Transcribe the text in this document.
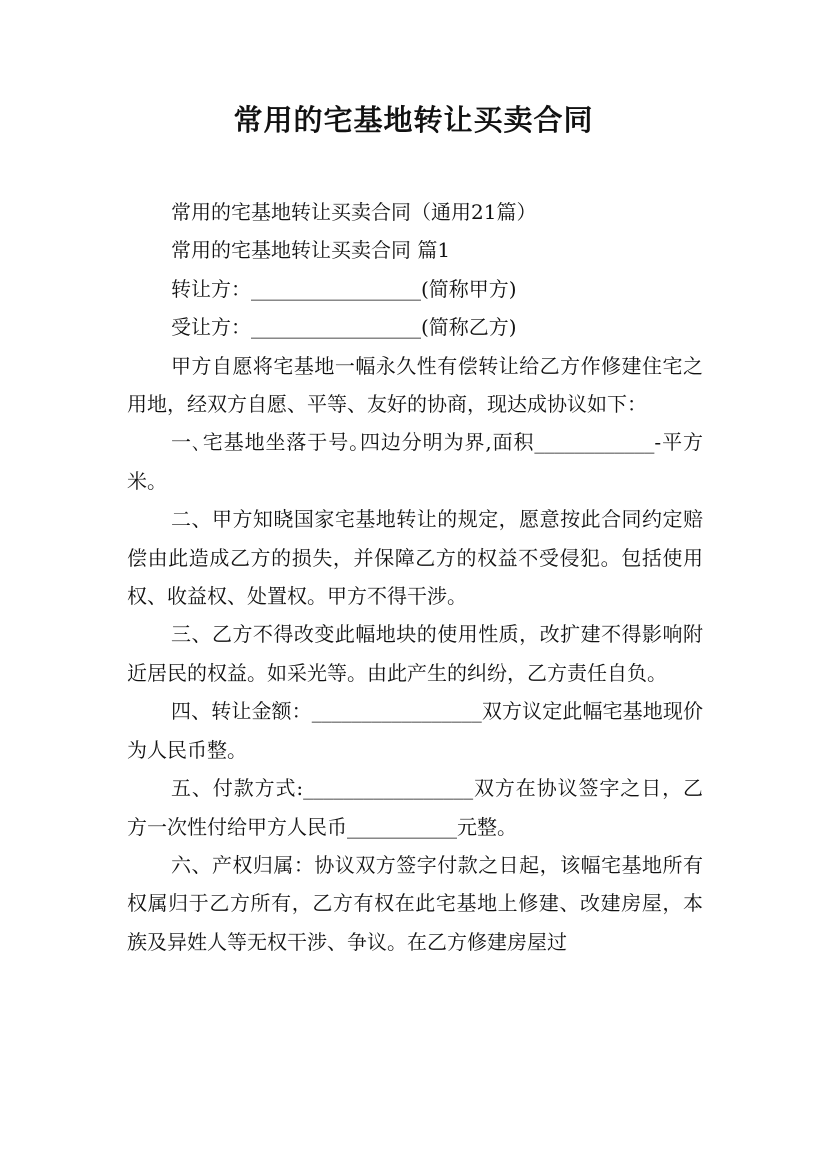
常用的宅基地转让买卖合同

常用的宅基地转让买卖合同（通用21篇）

常用的宅基地转让买卖合同 篇1

转让方：_________________(简称甲方)

受让方：_________________(简称乙方)

甲方自愿将宅基地一幅永久性有偿转让给乙方作修建住宅之用地，经双方自愿、平等、友好的协商，现达成协议如下：

一､宅基地坐落于号｡四边分明为界,面积____________-平方米。

二、甲方知晓国家宅基地转让的规定，愿意按此合同约定赔偿由此造成乙方的损失，并保障乙方的权益不受侵犯。包括使用权、收益权、处置权。甲方不得干涉。

三、乙方不得改变此幅地块的使用性质，改扩建不得影响附近居民的权益。如采光等。由此产生的纠纷，乙方责任自负。

四、转让金额：_________________双方议定此幅宅基地现价为人民币整。

五、付款方式:_________________双方在协议签字之日，乙方一次性付给甲方人民币___________元整。

六、产权归属：协议双方签字付款之日起，该幅宅基地所有权属归于乙方所有，乙方有权在此宅基地上修建、改建房屋，本族及异姓人等无权干涉、争议。在乙方修建房屋过
